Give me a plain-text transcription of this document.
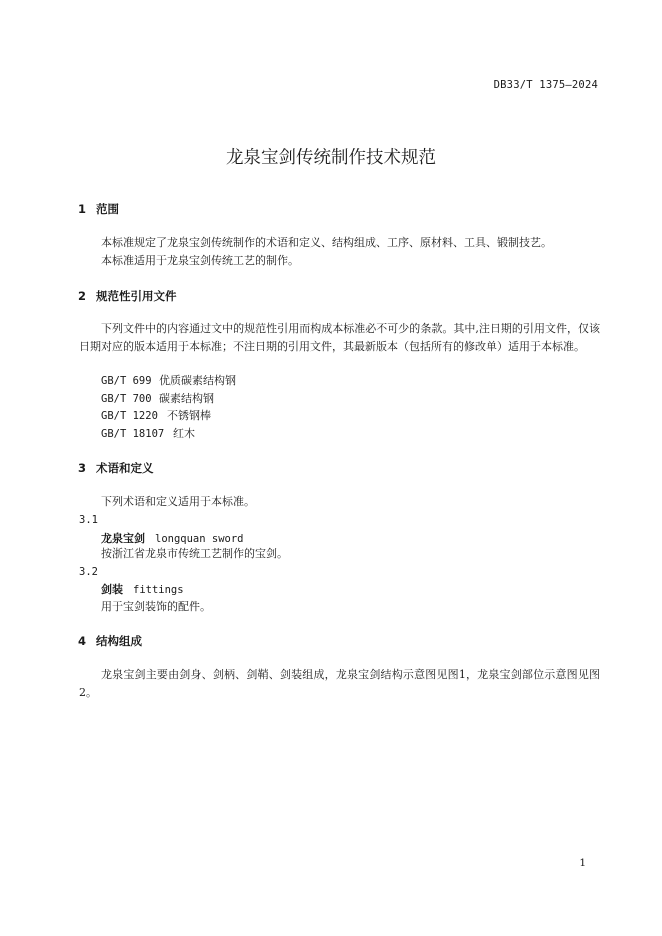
DB33/T 1375—2024
龙泉宝剑传统制作技术规范
1 范围
本标准规定了龙泉宝剑传统制作的术语和定义、结构组成、工序、原材料、工具、锻制技艺。
本标准适用于龙泉宝剑传统工艺的制作。
2 规范性引用文件
下列文件中的内容通过文中的规范性引用而构成本标准必不可少的条款。其中,注日期的引用文件，仅该日期对应的版本适用于本标准；不注日期的引用文件，其最新版本（包括所有的修改单）适用于本标准。
GB/T 699 优质碳素结构钢
GB/T 700 碳素结构钢
GB/T 1220 不锈钢棒
GB/T 18107 红木
3 术语和定义
下列术语和定义适用于本标准。
3.1
龙泉宝剑 longquan sword
按浙江省龙泉市传统工艺制作的宝剑。
3.2
剑装 fittings
用于宝剑装饰的配件。
4 结构组成
龙泉宝剑主要由剑身、剑柄、剑鞘、剑装组成，龙泉宝剑结构示意图见图1，龙泉宝剑部位示意图见图2。
1
